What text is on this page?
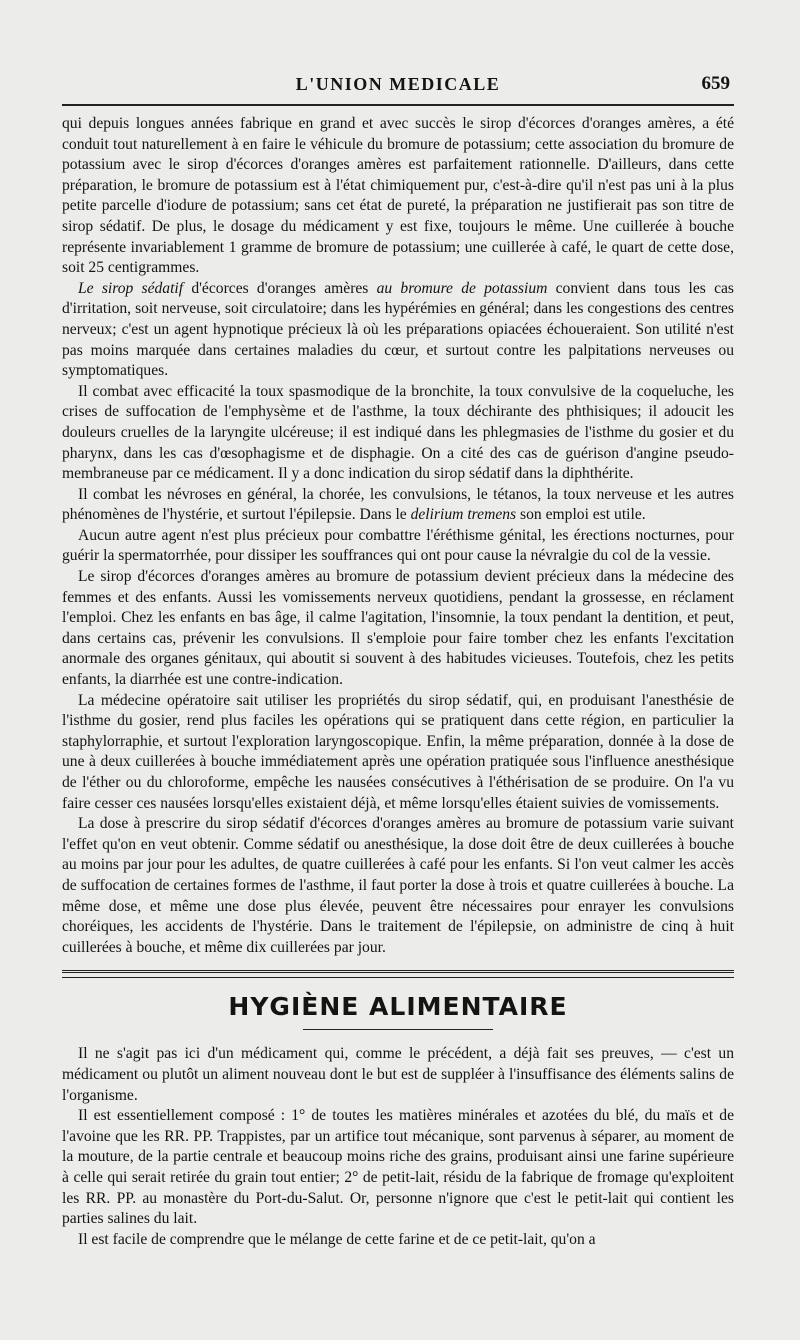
L'UNION MEDICALE	659

qui depuis longues années fabrique en grand et avec succès le sirop d'écorces d'oranges amères, a été conduit tout naturellement à en faire le véhicule du bromure de potassium; cette association du bromure de potassium avec le sirop d'écorces d'oranges amères est parfaitement rationnelle. D'ailleurs, dans cette préparation, le bromure de potassium est à l'état chimiquement pur, c'est-à-dire qu'il n'est pas uni à la plus petite parcelle d'iodure de potassium; sans cet état de pureté, la préparation ne justifierait pas son titre de sirop sédatif. De plus, le dosage du médicament y est fixe, toujours le même. Une cuillerée à bouche représente invariablement 1 gramme de bromure de potassium; une cuillerée à café, le quart de cette dose, soit 25 centigrammes.

Le sirop sédatif d'écorces d'oranges amères au bromure de potassium convient dans tous les cas d'irritation, soit nerveuse, soit circulatoire; dans les hypérémies en général; dans les congestions des centres nerveux; c'est un agent hypnotique précieux là où les préparations opiacées échoueraient. Son utilité n'est pas moins marquée dans certaines maladies du cœur, et surtout contre les palpitations nerveuses ou symptomatiques.

Il combat avec efficacité la toux spasmodique de la bronchite, la toux convulsive de la coqueluche, les crises de suffocation de l'emphysème et de l'asthme, la toux déchirante des phthisiques; il adoucit les douleurs cruelles de la laryngite ulcéreuse; il est indiqué dans les phlegmasies de l'isthme du gosier et du pharynx, dans les cas d'œsophagisme et de disphagie. On a cité des cas de guérison d'angine pseudo-membraneuse par ce médicament. Il y a donc indication du sirop sédatif dans la diphthérite.

Il combat les névroses en général, la chorée, les convulsions, le tétanos, la toux nerveuse et les autres phénomènes de l'hystérie, et surtout l'épilepsie. Dans le delirium tremens son emploi est utile.

Aucun autre agent n'est plus précieux pour combattre l'éréthisme génital, les érections nocturnes, pour guérir la spermatorrhée, pour dissiper les souffrances qui ont pour cause la névralgie du col de la vessie.

Le sirop d'écorces d'oranges amères au bromure de potassium devient précieux dans la médecine des femmes et des enfants. Aussi les vomissements nerveux quotidiens, pendant la grossesse, en réclament l'emploi. Chez les enfants en bas âge, il calme l'agitation, l'insomnie, la toux pendant la dentition, et peut, dans certains cas, prévenir les convulsions. Il s'emploie pour faire tomber chez les enfants l'excitation anormale des organes génitaux, qui aboutit si souvent à des habitudes vicieuses. Toutefois, chez les petits enfants, la diarrhée est une contre-indication.

La médecine opératoire sait utiliser les propriétés du sirop sédatif, qui, en produisant l'anesthésie de l'isthme du gosier, rend plus faciles les opérations qui se pratiquent dans cette région, en particulier la staphylorraphie, et surtout l'exploration laryngoscopique. Enfin, la même préparation, donnée à la dose de une à deux cuillerées à bouche immédiatement après une opération pratiquée sous l'influence anesthésique de l'éther ou du chloroforme, empêche les nausées consécutives à l'éthérisation de se produire. On l'a vu faire cesser ces nausées lorsqu'elles existaient déjà, et même lorsqu'elles étaient suivies de vomissements.

La dose à prescrire du sirop sédatif d'écorces d'oranges amères au bromure de potassium varie suivant l'effet qu'on en veut obtenir. Comme sédatif ou anesthésique, la dose doit être de deux cuillerées à bouche au moins par jour pour les adultes, de quatre cuillerées à café pour les enfants. Si l'on veut calmer les accès de suffocation de certaines formes de l'asthme, il faut porter la dose à trois et quatre cuillerées à bouche. La même dose, et même une dose plus élevée, peuvent être nécessaires pour enrayer les convulsions choréiques, les accidents de l'hystérie. Dans le traitement de l'épilepsie, on administre de cinq à huit cuillerées à bouche, et même dix cuillerées par jour.

HYGIÈNE ALIMENTAIRE

Il ne s'agit pas ici d'un médicament qui, comme le précédent, a déjà fait ses preuves, — c'est un médicament ou plutôt un aliment nouveau dont le but est de suppléer à l'insuffisance des éléments salins de l'organisme.

Il est essentiellement composé : 1° de toutes les matières minérales et azotées du blé, du maïs et de l'avoine que les RR. PP. Trappistes, par un artifice tout mécanique, sont parvenus à séparer, au moment de la mouture, de la partie centrale et beaucoup moins riche des grains, produisant ainsi une farine supérieure à celle qui serait retirée du grain tout entier; 2° de petit-lait, résidu de la fabrique de fromage qu'exploitent les RR. PP. au monastère du Port-du-Salut. Or, personne n'ignore que c'est le petit-lait qui contient les parties salines du lait.

Il est facile de comprendre que le mélange de cette farine et de ce petit-lait, qu'on a
